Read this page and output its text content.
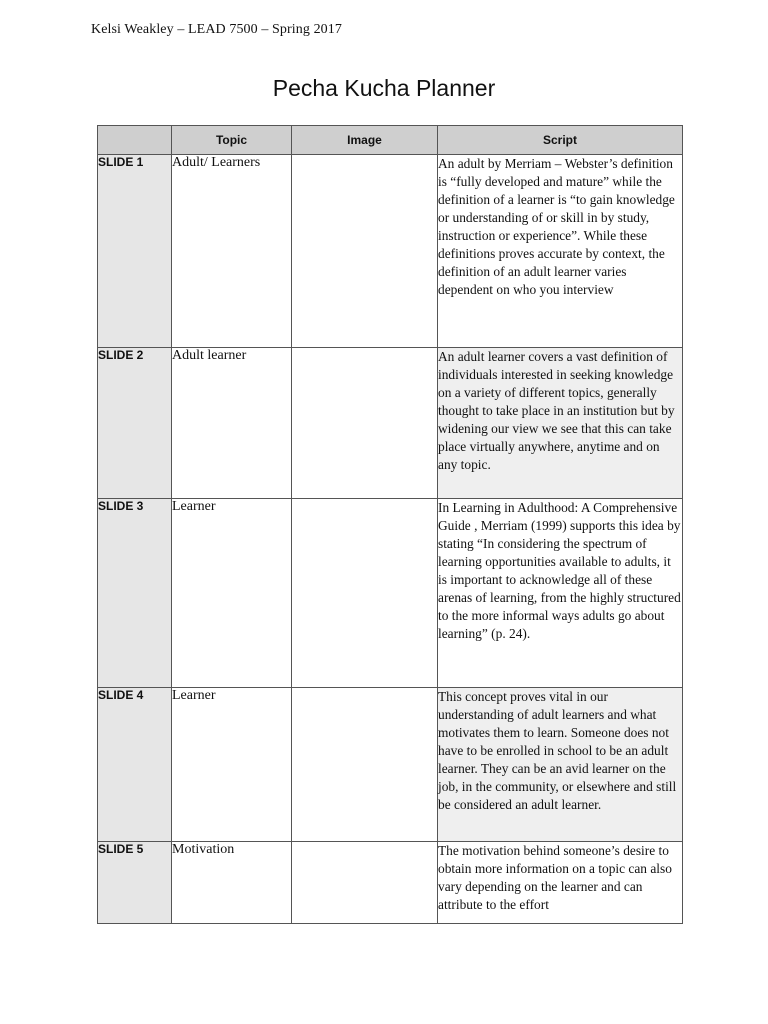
Kelsi Weakley – LEAD 7500 – Spring 2017
Pecha Kucha Planner
	Topic	Image	Script
SLIDE 1	Adult/ Learners		An adult by Merriam – Webster’s definition is “fully developed and mature” while the definition of a learner is “to gain knowledge or understanding of or skill in by study, instruction or experience”. While these definitions proves accurate by context, the definition of an adult learner varies dependent on who you interview
SLIDE 2	Adult learner		An adult learner covers a vast definition of individuals interested in seeking knowledge on a variety of different topics, generally thought to take place in an institution but by widening our view we see that this can take place virtually anywhere, anytime and on any topic.
SLIDE 3	Learner		In Learning in Adulthood: A Comprehensive Guide , Merriam (1999) supports this idea by stating “In considering the spectrum of learning opportunities available to adults, it is important to acknowledge all of these arenas of learning, from the highly structured to the more informal ways adults go about learning” (p. 24).
SLIDE 4	Learner		This concept proves vital in our understanding of adult learners and what motivates them to learn. Someone does not have to be enrolled in school to be an adult learner. They can be an avid learner on the job, in the community, or elsewhere and still be considered an adult learner.
SLIDE 5	Motivation		The motivation behind someone’s desire to obtain more information on a topic can also vary depending on the learner and can attribute to the effort
